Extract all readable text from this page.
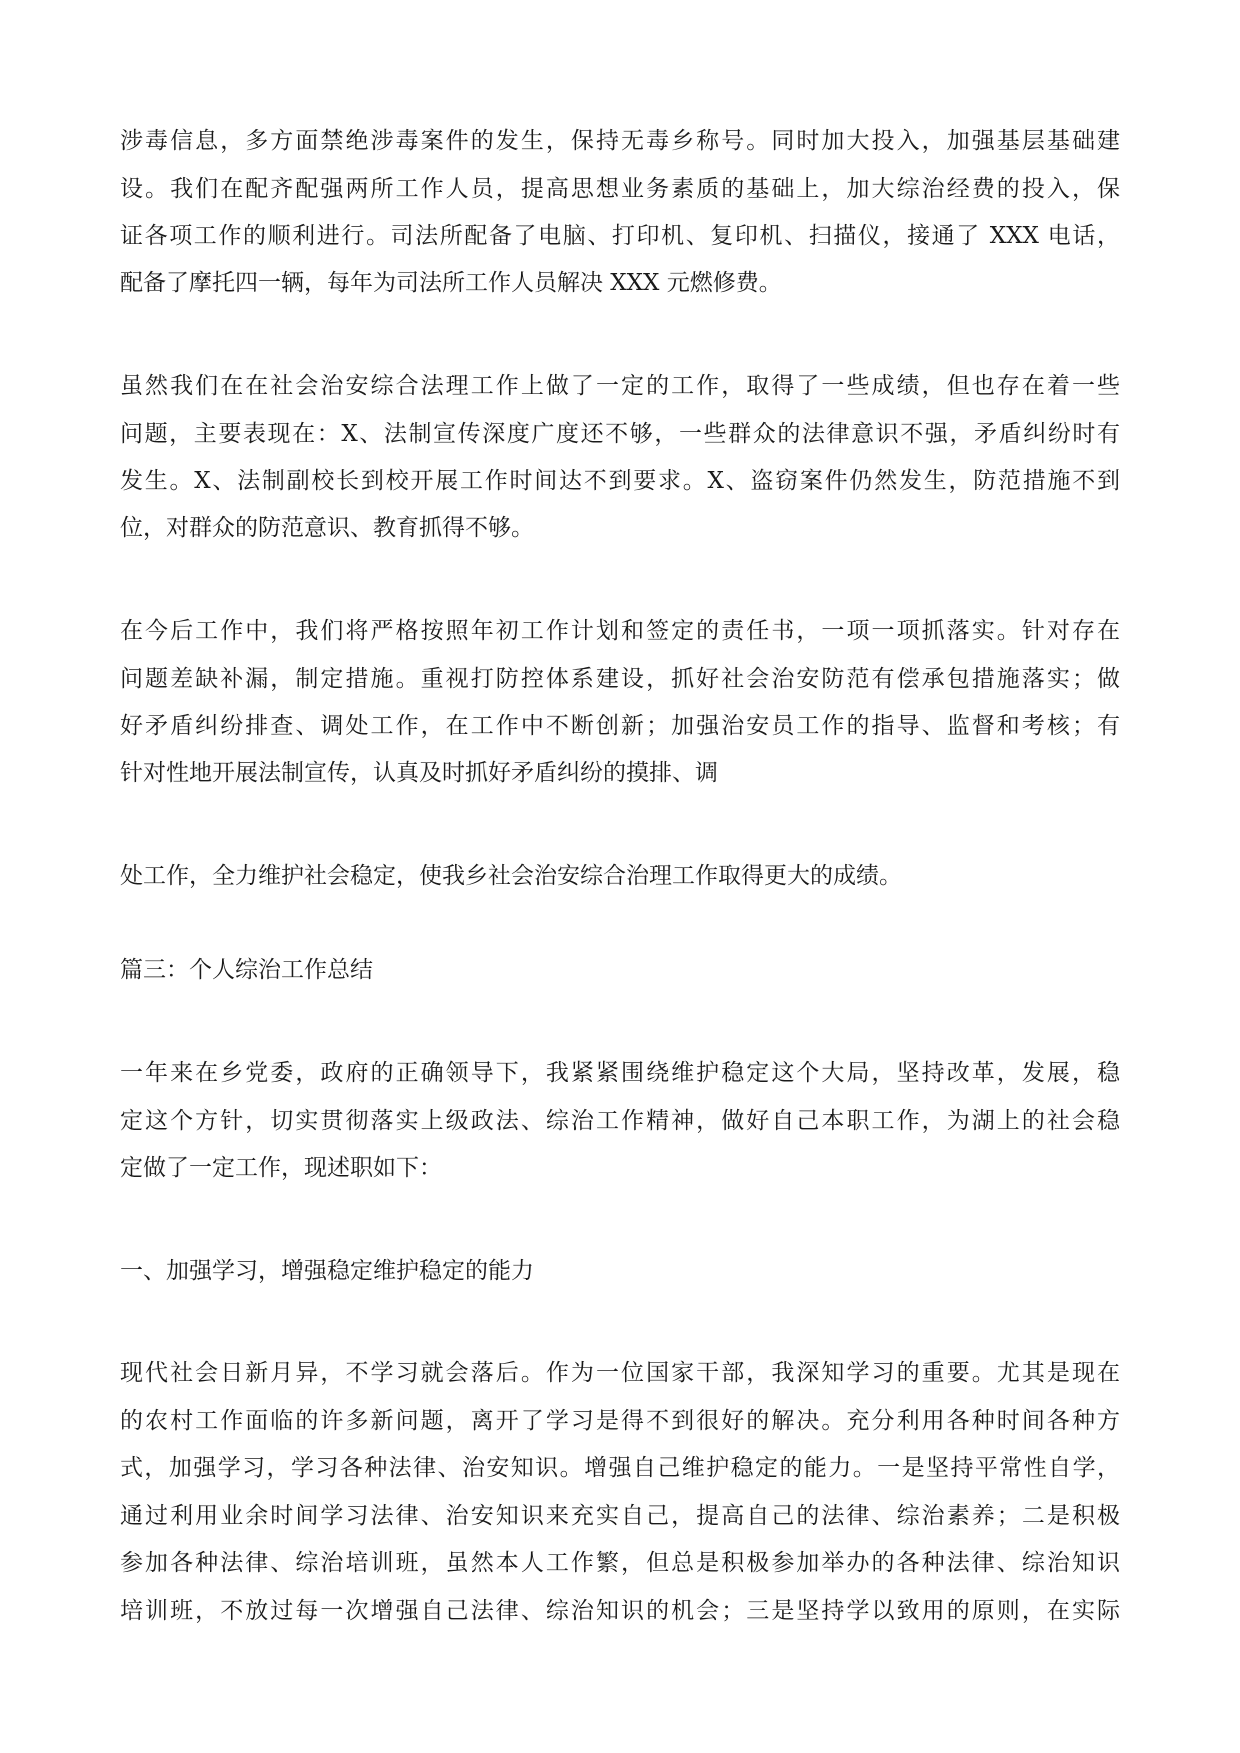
涉毒信息，多方面禁绝涉毒案件的发生，保持无毒乡称号。同时加大投入，加强基层基础建
设。我们在配齐配强两所工作人员，提高思想业务素质的基础上，加大综治经费的投入，保
证各项工作的顺利进行。司法所配备了电脑、打印机、复印机、扫描仪，接通了 XXX 电话，
配备了摩托四一辆，每年为司法所工作人员解决 XXX 元燃修费。
虽然我们在在社会治安综合法理工作上做了一定的工作，取得了一些成绩，但也存在着一些
问题，主要表现在：X、法制宣传深度广度还不够，一些群众的法律意识不强，矛盾纠纷时有
发生。X、法制副校长到校开展工作时间达不到要求。X、盗窃案件仍然发生，防范措施不到
位，对群众的防范意识、教育抓得不够。
在今后工作中，我们将严格按照年初工作计划和签定的责任书，一项一项抓落实。针对存在
问题差缺补漏，制定措施。重视打防控体系建设，抓好社会治安防范有偿承包措施落实；做
好矛盾纠纷排查、调处工作，在工作中不断创新；加强治安员工作的指导、监督和考核；有
针对性地开展法制宣传，认真及时抓好矛盾纠纷的摸排、调
处工作，全力维护社会稳定，使我乡社会治安综合治理工作取得更大的成绩。
篇三：个人综治工作总结
一年来在乡党委，政府的正确领导下，我紧紧围绕维护稳定这个大局，坚持改革，发展，稳
定这个方针，切实贯彻落实上级政法、综治工作精神，做好自己本职工作，为湖上的社会稳
定做了一定工作，现述职如下：
一、加强学习，增强稳定维护稳定的能力
现代社会日新月异，不学习就会落后。作为一位国家干部，我深知学习的重要。尤其是现在
的农村工作面临的许多新问题，离开了学习是得不到很好的解决。充分利用各种时间各种方
式，加强学习，学习各种法律、治安知识。增强自己维护稳定的能力。一是坚持平常性自学，
通过利用业余时间学习法律、治安知识来充实自己，提高自己的法律、综治素养；二是积极
参加各种法律、综治培训班，虽然本人工作繁，但总是积极参加举办的各种法律、综治知识
培训班，不放过每一次增强自己法律、综治知识的机会；三是坚持学以致用的原则，在实际
